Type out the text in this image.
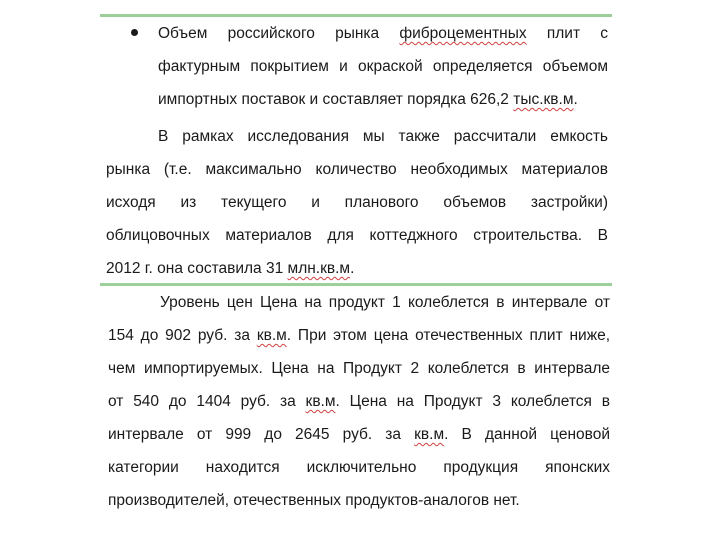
Объем российского рынка фиброцементных плит с
фактурным покрытием и окраской определяется объемом
импортных поставок и составляет порядка 626,2 тыс.кв.м.
В рамках исследования мы также рассчитали емкость
рынка (т.е. максимально количество необходимых материалов
исходя из текущего и планового объемов застройки)
облицовочных материалов для коттеджного строительства. В
2012 г. она составила 31 млн.кв.м.
Уровень цен Цена на продукт 1 колеблется в интервале от
154 до 902 руб. за кв.м. При этом цена отечественных плит ниже,
чем импортируемых. Цена на Продукт 2 колеблется в интервале
от 540 до 1404 руб. за кв.м. Цена на Продукт 3 колеблется в
интервале от 999 до 2645 руб. за кв.м. В данной ценовой
категории находится исключительно продукция японских
производителей, отечественных продуктов-аналогов нет.
